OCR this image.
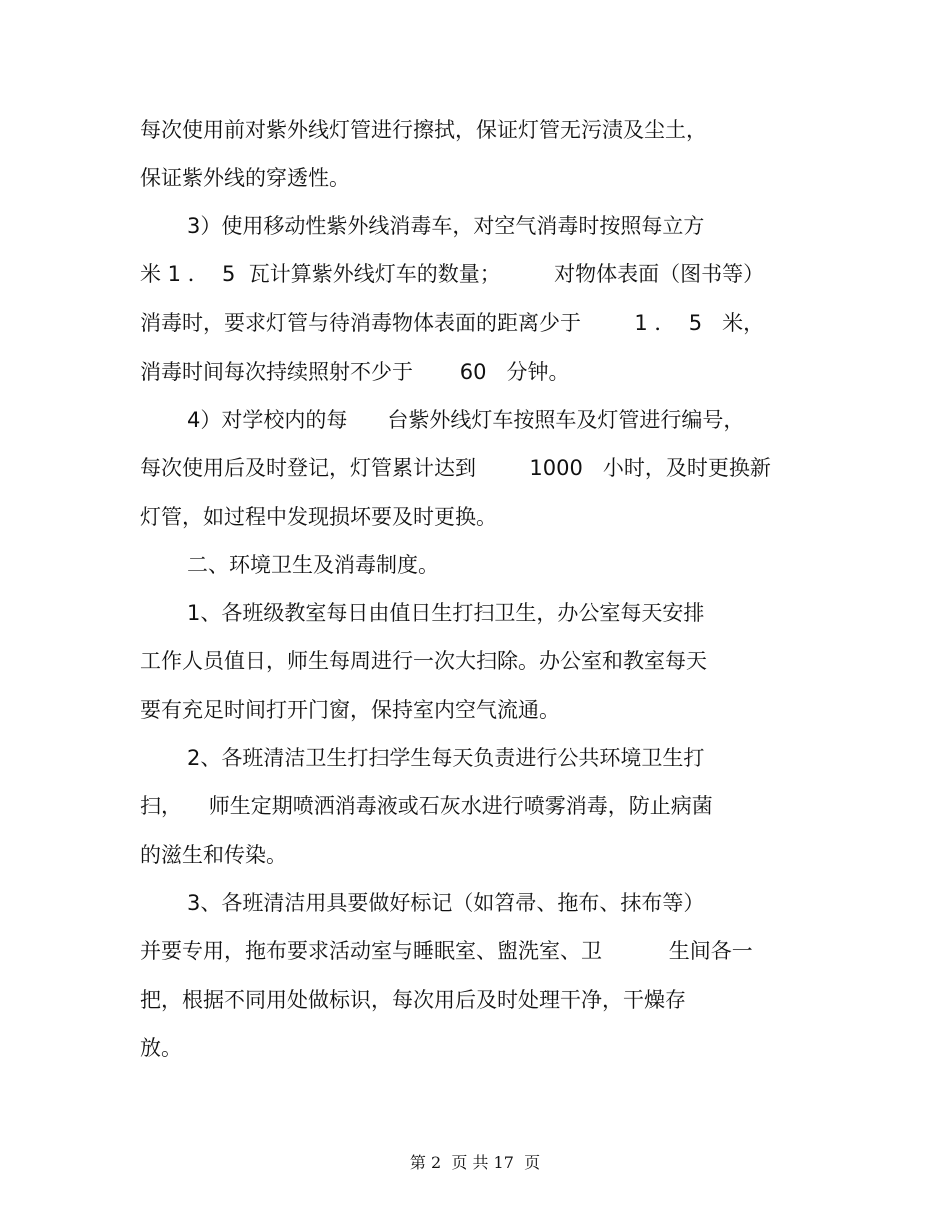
每次使用前对紫外线灯管进行擦拭，保证灯管无污渍及尘土，
保证紫外线的穿透性。
3）使用移动性紫外线消毒车，对空气消毒时按照每立方
米 1 ．  5  瓦计算紫外线灯车的数量；        对物体表面（图书等）
消毒时，要求灯管与待消毒物体表面的距离少于        1 ．  5   米，
消毒时间每次持续照射不少于       60   分钟。
4）对学校内的每      台紫外线灯车按照车及灯管进行编号，
每次使用后及时登记，灯管累计达到        1000   小时，及时更换新
灯管，如过程中发现损坏要及时更换。
二、环境卫生及消毒制度。
1、各班级教室每日由值日生打扫卫生，办公室每天安排
工作人员值日，师生每周进行一次大扫除。办公室和教室每天
要有充足时间打开门窗，保持室内空气流通。
2、各班清洁卫生打扫学生每天负责进行公共环境卫生打
扫，    师生定期喷洒消毒液或石灰水进行喷雾消毒，防止病菌
的滋生和传染。
3、各班清洁用具要做好标记（如笤帚、拖布、抹布等）
并要专用，拖布要求活动室与睡眠室、盥洗室、卫          生间各一
把，根据不同用处做标识，每次用后及时处理干净，干燥存
放。
第 2  页 共 17  页
